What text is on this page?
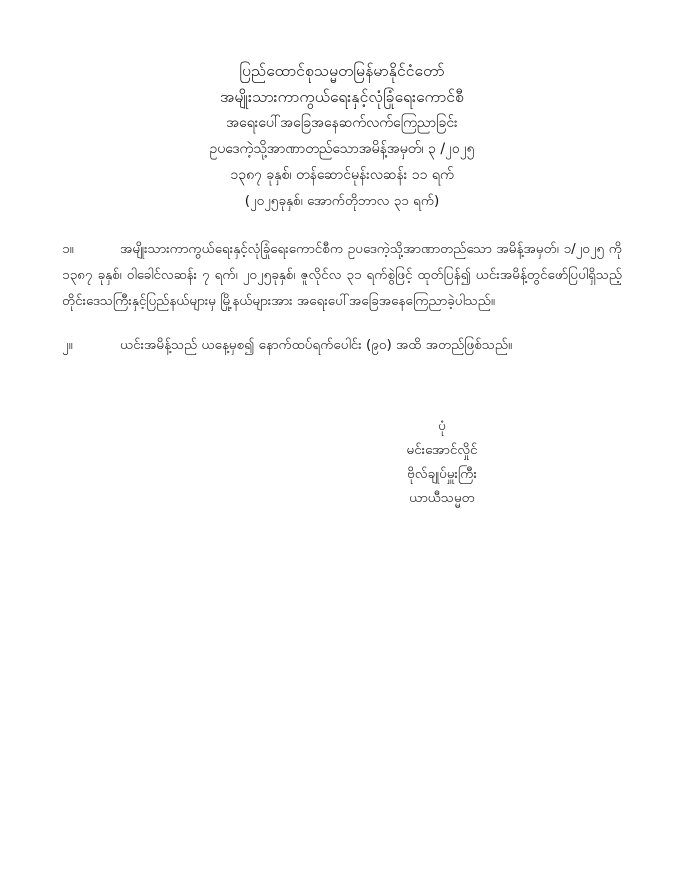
ပြည်ထောင်စုသမ္မတမြန်မာနိုင်ငံတော်
အမျိုးသားကာကွယ်ရေးနှင့်လုံခြုံရေးကောင်စီ
အရေးပေါ်အခြေအနေဆက်လက်ကြေညာခြင်း
ဥပဒေကဲ့သို့အာဏာတည်သောအမိန့်အမှတ်၊ ၃ /၂၀၂၅
၁၃၈၇ ခုနှစ်၊ တန်ဆောင်မုန်းလဆန်း ၁၁ ရက်
(၂၀၂၅ခုနှစ်၊ အောက်တိုဘာလ ၃၁ ရက်)
၁။	အမျိုးသားကာကွယ်ရေးနှင့်လုံခြုံရေးကောင်စီက ဥပဒေကဲ့သို့အာဏာတည်သော အမိန့်အမှတ်၊ ၁/၂၀၂၅ ကို ၁၃၈၇ ခုနှစ်၊ ဝါခေါင်လဆန်း ၇ ရက်၊ ၂၀၂၅ခုနှစ်၊ ဇူလိုင်လ ၃၁ ရက်စွဲဖြင့် ထုတ်ပြန်၍ ယင်းအမိန့်တွင်ဖော်ပြပါရှိသည့် တိုင်းဒေသကြီးနှင့်ပြည်နယ်များမှ မြို့နယ်များအား အရေးပေါ်အခြေအနေကြေညာခဲ့ပါသည်။
၂။	ယင်းအမိန့်သည် ယနေ့မှစ၍ နောက်ထပ်ရက်ပေါင်း (၉၀) အထိ အတည်ဖြစ်သည်။
ပုံ
မင်းအောင်လှိုင်
ဗိုလ်ချုပ်မှူးကြီး
ယာယီသမ္မတ
